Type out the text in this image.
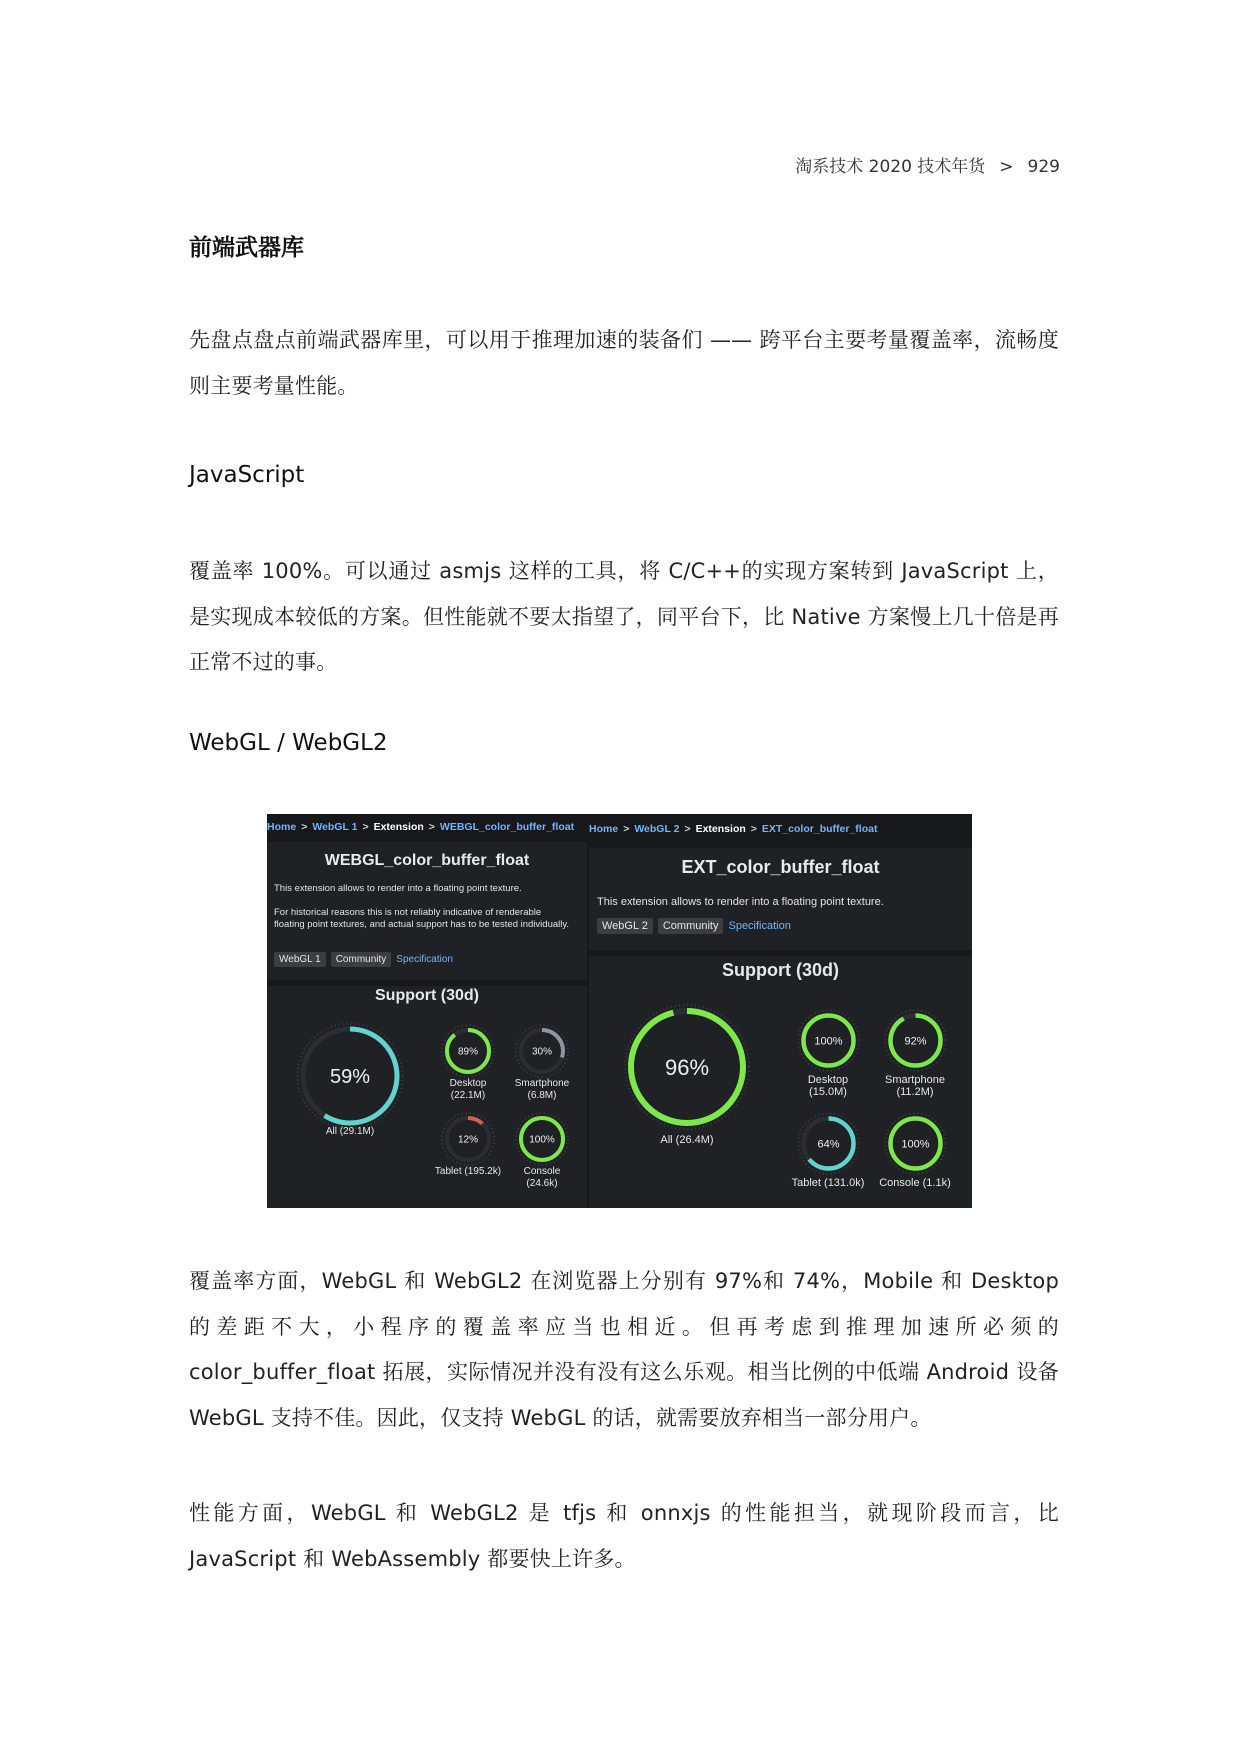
淘系技术 2020 技术年货 > 929
前端武器库

先盘点盘点前端武器库里，可以用于推理加速的装备们 —— 跨平台主要考量覆盖率，流畅度则主要考量性能。

JavaScript

覆盖率 100%。可以通过 asmjs 这样的工具，将 C/C++的实现方案转到 JavaScript 上，是实现成本较低的方案。但性能就不要太指望了，同平台下，比 Native 方案慢上几十倍是再正常不过的事。

WebGL / WebGL2
Home > WebGL 1 > Extension > WEBGL_color_buffer_float
WEBGL_color_buffer_float
This extension allows to render into a floating point texture.
For historical reasons this is not reliably indicative of renderable floating point textures, and actual support has to be tested individually.
WebGL 1	Community	Specification
Support (30d)
Home > WebGL 2 > Extension > EXT_color_buffer_float
EXT_color_buffer_float
This extension allows to render into a floating point texture.
WebGL 2	Community Specification
Support (30d)
59%
All (29.1M)
89%
Desktop
(22.1M)
30%
Smartphone
(6.8M)
12%
Tablet (195.2k)
100%
Console
(24.6k)
96%
All (26.4M)
100%
Desktop
(15.0M)
92%
Smartphone
(11.2M)
64%
Tablet (131.0k)
100%
Console (1.1k)

覆盖率方面，WebGL 和 WebGL2 在浏览器上分别有 97%和 74%，Mobile 和 Desktop 的差距不大，小程序的覆盖率应当也相近。但再考虑到推理加速所必须的 color_buffer_float 拓展，实际情况并没有没有这么乐观。相当比例的中低端 Android 设备 WebGL 支持不佳。因此，仅支持 WebGL 的话，就需要放弃相当一部分用户。

性能方面，WebGL 和 WebGL2 是 tfjs 和 onnxjs 的性能担当，就现阶段而言，比 JavaScript 和 WebAssembly 都要快上许多。
